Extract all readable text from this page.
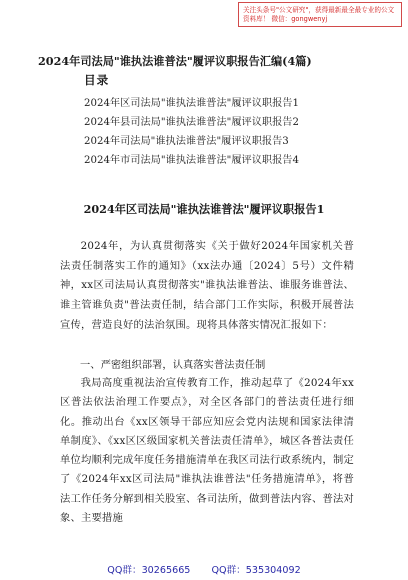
关注头条号"公文研究"，获得最新最全最专业的公文资料库！ 微信：gongwenyj
2024年司法局"谁执法谁普法"履评议职报告汇编(4篇)
目录
2024年区司法局"谁执法谁普法"履评议职报告1
2024年县司法局"谁执法谁普法"履评议职报告2
2024年司法局"谁执法谁普法"履评议职报告3
2024年市司法局"谁执法谁普法"履评议职报告4
2024年区司法局"谁执法谁普法"履评议职报告1
2024年，为认真贯彻落实《关于做好2024年国家机关普法责任制落实工作的通知》（xx法办通〔2024〕5号）文件精神，xx区司法局认真贯彻落实"谁执法谁普法、谁服务谁普法、谁主管谁负责"普法责任制，结合部门工作实际，积极开展普法宣传，营造良好的法治氛围。现将具体落实情况汇报如下：
一、严密组织部署，认真落实普法责任制
我局高度重视法治宣传教育工作，推动起草了《2024年xx区普法依法治理工作要点》，对全区各部门的普法责任进行细化。推动出台《xx区领导干部应知应会党内法规和国家法律清单制度》、《xx区区级国家机关普法责任清单》，城区各普法责任单位均顺利完成年度任务措施清单在我区司法行政系统内，制定了《2024年xx区司法局"谁执法谁普法"任务措施清单》，将普法工作任务分解到相关股室、各司法所，做到普法内容、普法对象、主要措施
QQ群：30265665 QQ群：535304092
